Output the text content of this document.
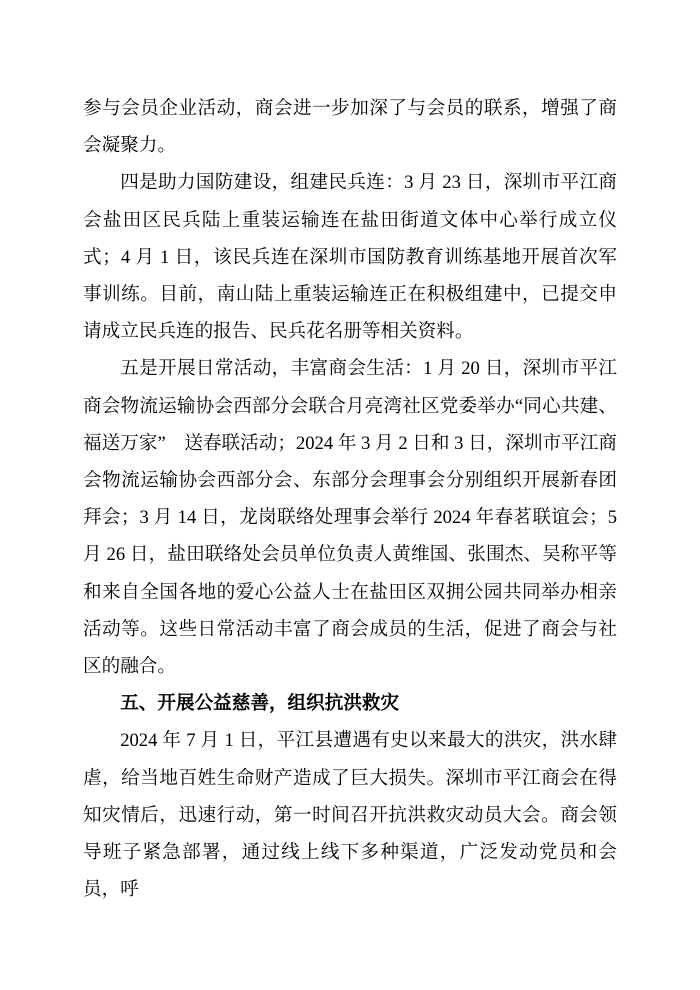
参与会员企业活动，商会进一步加深了与会员的联系，增强了商会凝聚力。

四是助力国防建设，组建民兵连：3 月 23 日，深圳市平江商会盐田区民兵陆上重装运输连在盐田街道文体中心举行成立仪式；4 月 1 日，该民兵连在深圳市国防教育训练基地开展首次军事训练。目前，南山陆上重装运输连正在积极组建中，已提交申请成立民兵连的报告、民兵花名册等相关资料。

五是开展日常活动，丰富商会生活：1 月 20 日，深圳市平江商会物流运输协会西部分会联合月亮湾社区党委举办“同心共建、福送万家”　送春联活动；2024 年 3 月 2 日和 3 日，深圳市平江商会物流运输协会西部分会、东部分会理事会分别组织开展新春团拜会；3 月 14 日，龙岗联络处理事会举行 2024 年春茗联谊会；5 月 26 日，盐田联络处会员单位负责人黄维国、张围杰、吴称平等和来自全国各地的爱心公益人士在盐田区双拥公园共同举办相亲活动等。这些日常活动丰富了商会成员的生活，促进了商会与社区的融合。

五、开展公益慈善，组织抗洪救灾

2024 年 7 月 1 日，平江县遭遇有史以来最大的洪灾，洪水肆虐，给当地百姓生命财产造成了巨大损失。深圳市平江商会在得知灾情后，迅速行动，第一时间召开抗洪救灾动员大会。商会领导班子紧急部署，通过线上线下多种渠道，广泛发动党员和会员，呼
